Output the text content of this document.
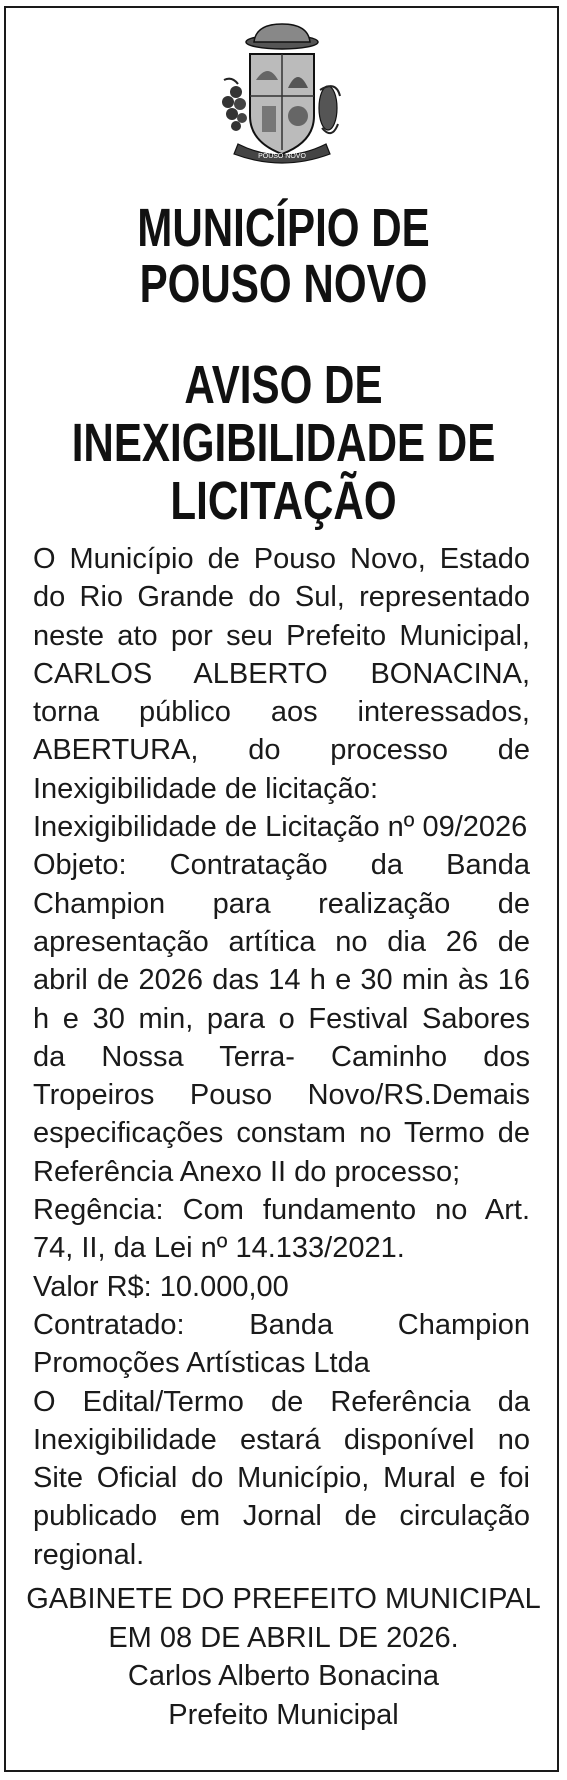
POUSO NOVO
MUNICÍPIO DE
POUSO NOVO
AVISO DE
INEXIGIBILIDADE DE
LICITAÇÃO

O Município de Pouso Novo, Estado do Rio Grande do Sul, representado neste ato por seu Prefeito Municipal, CARLOS ALBERTO BONACINA, torna público aos interessados, ABERTURA, do processo de Inexigibilidade de licitação:

Inexigibilidade de Licitação nº 09/2026

Objeto: Contratação da Banda Champion para realização de apresentação artítica no dia 26 de abril de 2026 das 14 h e 30 min às 16 h e 30 min, para o Festival Sabores da Nossa Terra- Caminho dos Tropeiros Pouso Novo/RS.Demais especificações constam no Termo de Referência Anexo II do processo;

Regência: Com fundamento no Art. 74, II, da Lei nº 14.133/2021.

Valor R$: 10.000,00

Contratado: Banda Champion Promoções Artísticas Ltda

O Edital/Termo de Referência da Inexigibilidade estará disponível no Site Oficial do Município, Mural e foi publicado em Jornal de circulação regional.

GABINETE DO PREFEITO MUNICIPAL

EM 08 DE ABRIL DE 2026.

Carlos Alberto Bonacina

Prefeito Municipal
